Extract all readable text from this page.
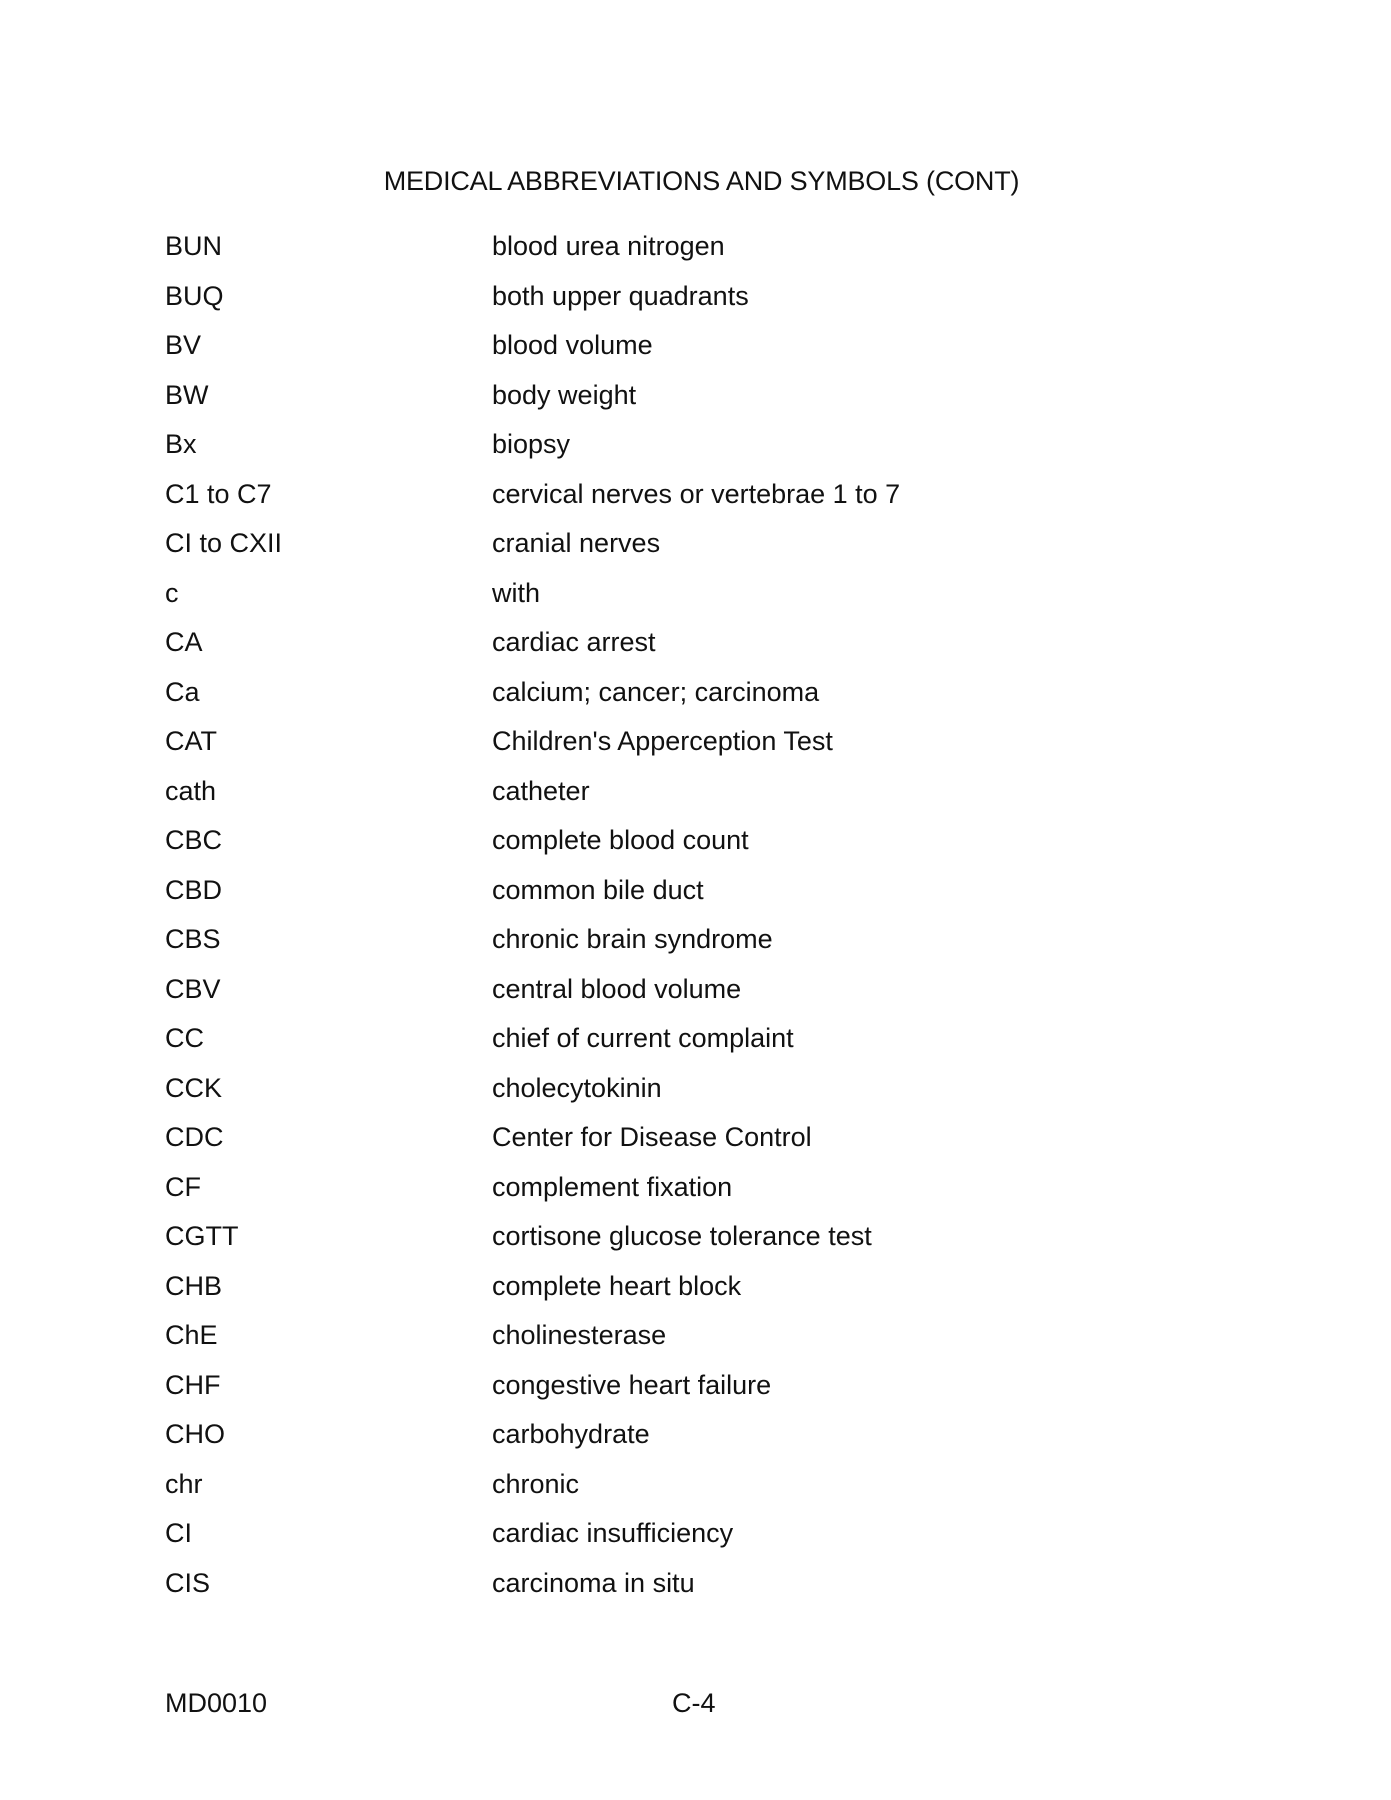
MEDICAL ABBREVIATIONS AND SYMBOLS (CONT)
BUN	blood urea nitrogen
BUQ	both upper quadrants
BV	blood volume
BW	body weight
Bx	biopsy
C1 to C7	cervical nerves or vertebrae 1 to 7
CI to CXII	cranial nerves
c	with
CA	cardiac arrest
Ca	calcium; cancer; carcinoma
CAT	Children's Apperception Test
cath	catheter
CBC	complete blood count
CBD	common bile duct
CBS	chronic brain syndrome
CBV	central blood volume
CC	chief of current complaint
CCK	cholecytokinin
CDC	Center for Disease Control
CF	complement fixation
CGTT	cortisone glucose tolerance test
CHB	complete heart block
ChE	cholinesterase
CHF	congestive heart failure
CHO	carbohydrate
chr	chronic
CI	cardiac insufficiency
CIS	carcinoma in situ
MD0010	C-4
